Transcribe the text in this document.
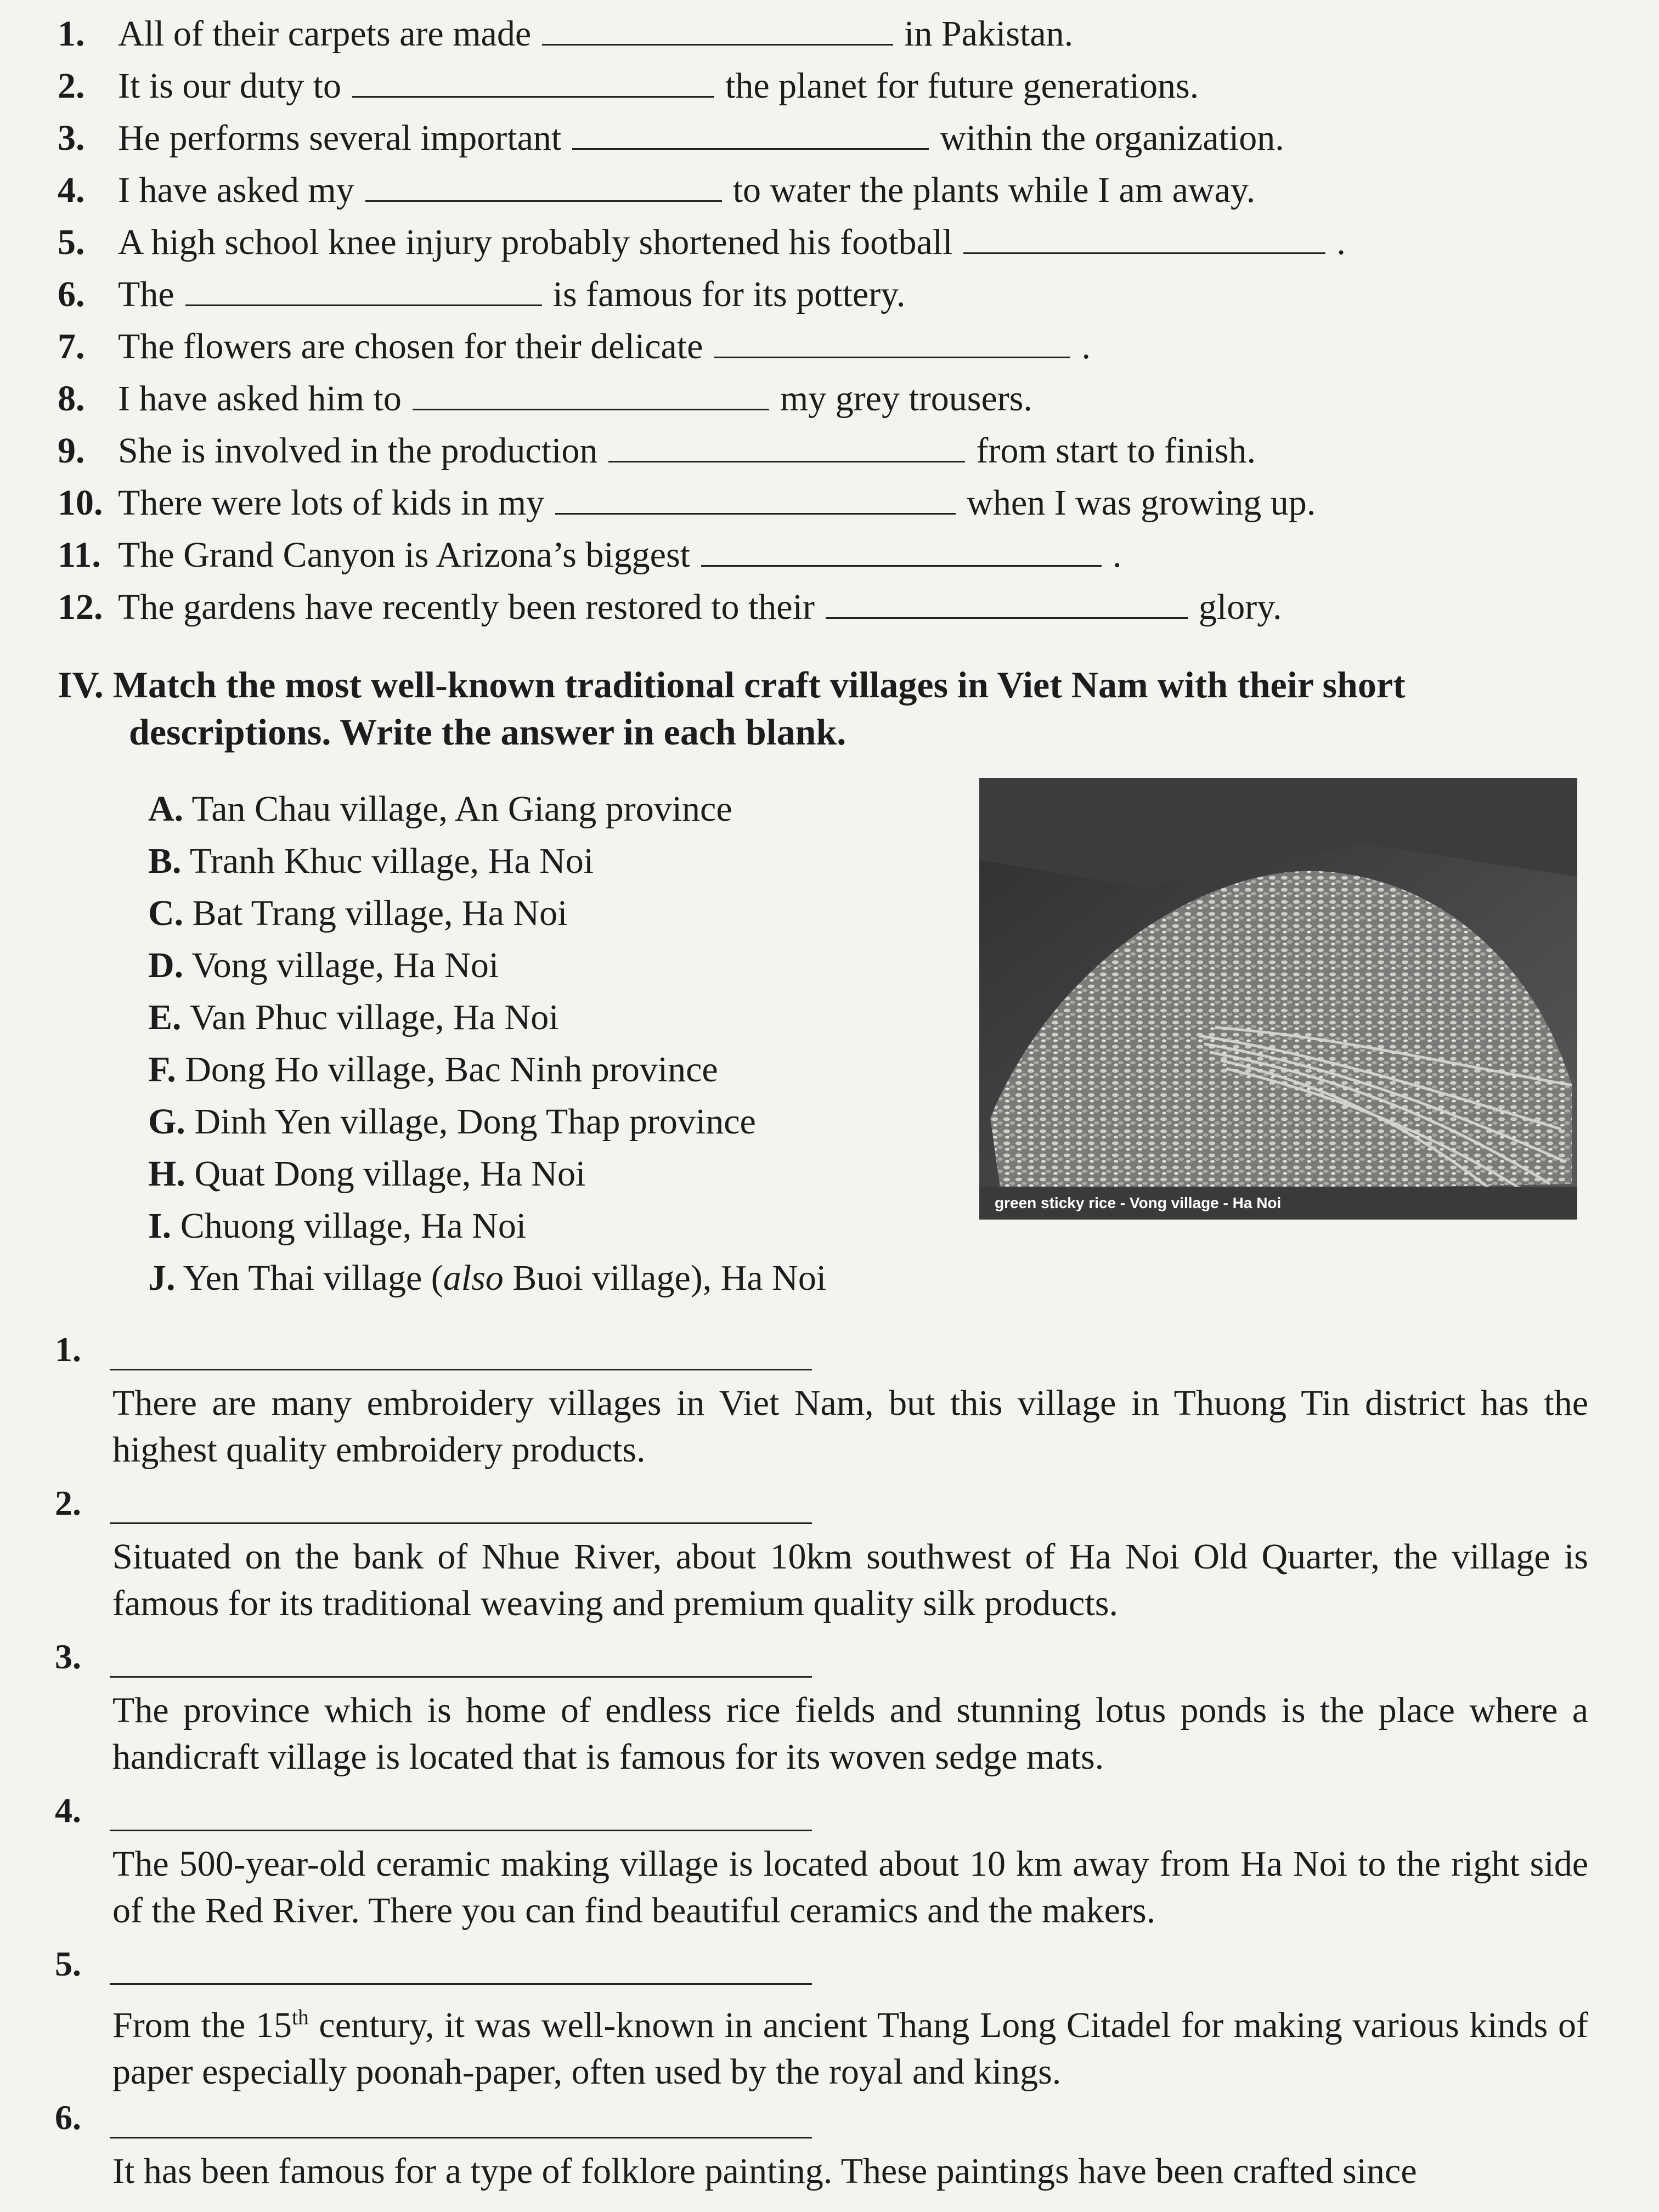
1. All of their carpets are made	in Pakistan.
2. It is our duty to	the planet for future generations.
3. He performs several important	within the organization.
4. I have asked my	to water the plants while I am away.
5. A high school knee injury probably shortened his football	.
6. The	is famous for its pottery.
7. The flowers are chosen for their delicate	.
8. I have asked him to	my grey trousers.
9. She is involved in the production	from start to finish.
10. There were lots of kids in my	when I was growing up.
11. The Grand Canyon is Arizona’s biggest	.
12. The gardens have recently been restored to their	glory.
IV. Match the most well-known traditional craft villages in Viet Nam with their short
descriptions. Write the answer in each blank.
A. Tan Chau village, An Giang province
B. Tranh Khuc village, Ha Noi
C. Bat Trang village, Ha Noi
D. Vong village, Ha Noi
E. Van Phuc village, Ha Noi
F. Dong Ho village, Bac Ninh province
G. Dinh Yen village, Dong Thap province
H. Quat Dong village, Ha Noi
I. Chuong village, Ha Noi
J. Yen Thai village (also Buoi village), Ha Noi
green sticky rice - Vong village - Ha Noi
1.
There are many embroidery villages in Viet Nam, but this village in Thuong Tin district has the highest quality embroidery products.
2.
Situated on the bank of Nhue River, about 10km southwest of Ha Noi Old Quarter, the village is famous for its traditional weaving and premium quality silk products.
3.
The province which is home of endless rice fields and stunning lotus ponds is the place where a handicraft village is located that is famous for its woven sedge mats.
4.
The 500-year-old ceramic making village is located about 10 km away from Ha Noi to the right side of the Red River. There you can find beautiful ceramics and the makers.
5.
From the 15th century, it was well-known in ancient Thang Long Citadel for making various kinds of paper especially poonah-paper, often used by the royal and kings.
6.
It has been famous for a type of folklore painting. These paintings have been crafted since
